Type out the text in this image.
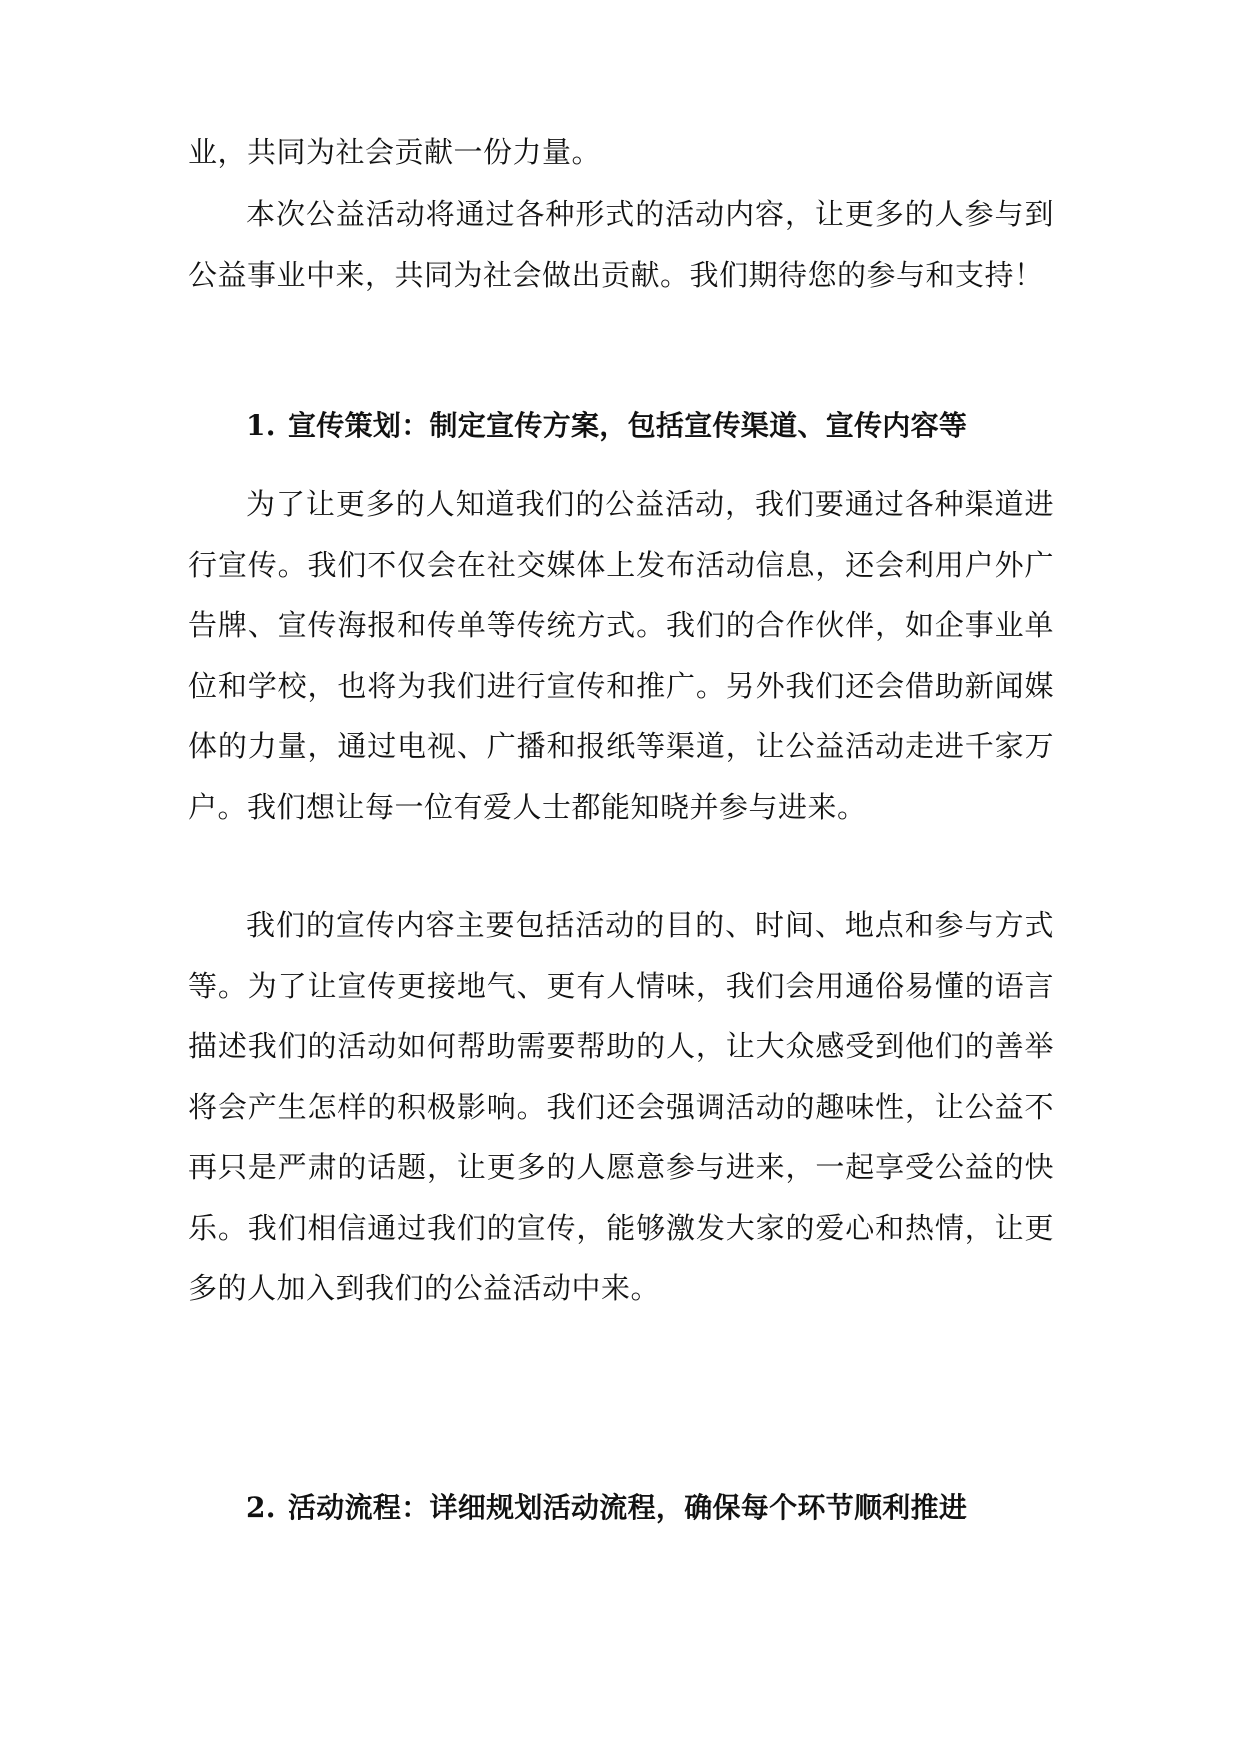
业，共同为社会贡献一份力量。

本次公益活动将通过各种形式的活动内容，让更多的人参与到公益事业中来，共同为社会做出贡献。我们期待您的参与和支持！

1. 宣传策划：制定宣传方案，包括宣传渠道、宣传内容等

为了让更多的人知道我们的公益活动，我们要通过各种渠道进行宣传。我们不仅会在社交媒体上发布活动信息，还会利用户外广告牌、宣传海报和传单等传统方式。我们的合作伙伴，如企事业单位和学校，也将为我们进行宣传和推广。另外我们还会借助新闻媒体的力量，通过电视、广播和报纸等渠道，让公益活动走进千家万户。我们想让每一位有爱人士都能知晓并参与进来。

我们的宣传内容主要包括活动的目的、时间、地点和参与方式等。为了让宣传更接地气、更有人情味，我们会用通俗易懂的语言描述我们的活动如何帮助需要帮助的人，让大众感受到他们的善举将会产生怎样的积极影响。我们还会强调活动的趣味性，让公益不再只是严肃的话题，让更多的人愿意参与进来，一起享受公益的快乐。我们相信通过我们的宣传，能够激发大家的爱心和热情，让更多的人加入到我们的公益活动中来。

2. 活动流程：详细规划活动流程，确保每个环节顺利推进
